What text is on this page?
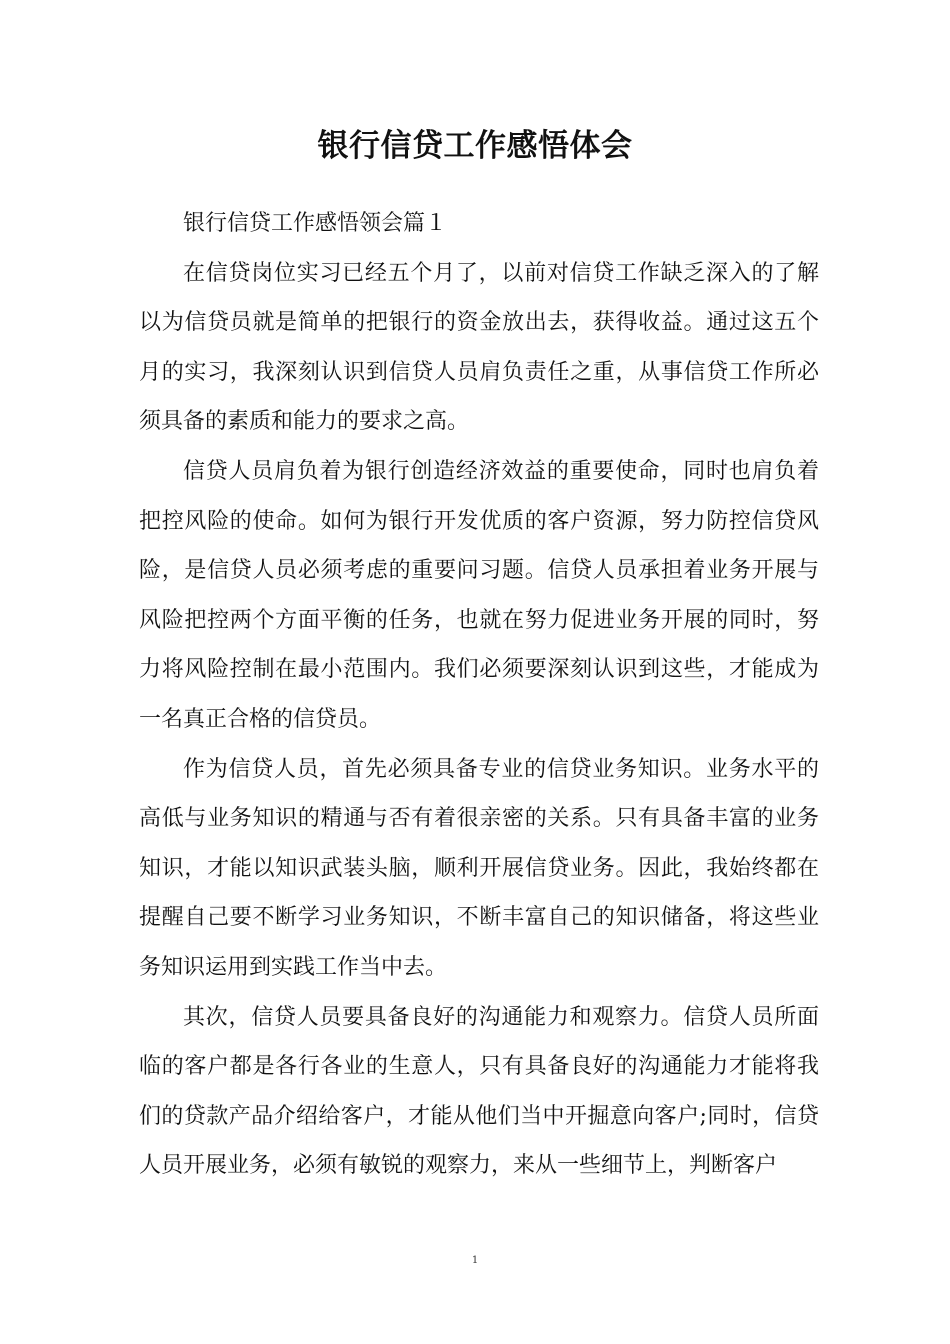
银行信贷工作感悟体会

银行信贷工作感悟领会篇１

在信贷岗位实习已经五个月了，以前对信贷工作缺乏深入的了解以为信贷员就是简单的把银行的资金放出去，获得收益。通过这五个月的实习，我深刻认识到信贷人员肩负责任之重，从事信贷工作所必须具备的素质和能力的要求之高。

信贷人员肩负着为银行创造经济效益的重要使命，同时也肩负着把控风险的使命。如何为银行开发优质的客户资源，努力防控信贷风险，是信贷人员必须考虑的重要问习题。信贷人员承担着业务开展与风险把控两个方面平衡的任务，也就在努力促进业务开展的同时，努力将风险控制在最小范围内。我们必须要深刻认识到这些，才能成为一名真正合格的信贷员。

作为信贷人员，首先必须具备专业的信贷业务知识。业务水平的高低与业务知识的精通与否有着很亲密的关系。只有具备丰富的业务知识，才能以知识武装头脑，顺利开展信贷业务。因此，我始终都在提醒自己要不断学习业务知识，不断丰富自己的知识储备，将这些业务知识运用到实践工作当中去。

其次，信贷人员要具备良好的沟通能力和观察力。信贷人员所面临的客户都是各行各业的生意人，只有具备良好的沟通能力才能将我们的贷款产品介绍给客户，才能从他们当中开掘意向客户;同时，信贷人员开展业务，必须有敏锐的观察力，来从一些细节上，判断客户

1
